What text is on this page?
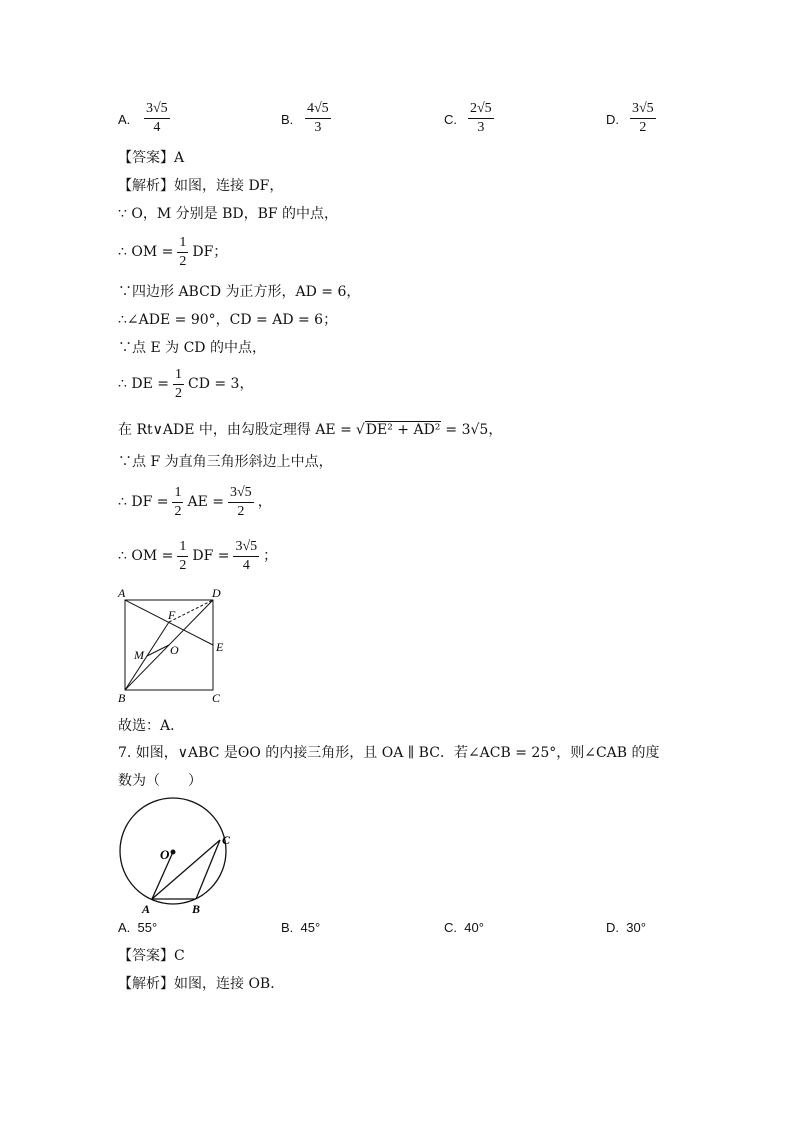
A. $\frac{3√5}{4}$	B. $\frac{4√5}{3}$	C. $\frac{2√5}{3}$	D. $\frac{3√5}{2}$
【答案】A
【解析】如图，连接 DF，
∵ O，M 分别是 BD，BF 的中点，
∴ OM = $\frac{1}{2}$ DF；
∵四边形 ABCD 为正方形，AD = 6，
∴∠ADE = 90°，CD = AD = 6；
∵点 E 为 CD 的中点，
∴ DE = $\frac{1}{2}$ CD = 3，
在 Rt∨ADE 中，由勾股定理得 AE = √DE² + AD² = 3√5，
∵点 F 为直角三角形斜边上中点，
∴ DF = $\frac{1}{2}$ AE = $\frac{3√5}{2}$ ，
∴ OM = $\frac{1}{2}$ DF = $\frac{3√5}{4}$ ；
A	D
B	C
E
F
M O
故选：A．
7. 如图，∨ABC 是ʘO 的内接三角形，且 OA ∥ BC．若∠ACB = 25°，则∠CAB 的度
数为（　　）
O
A	B
C
A. 55°	B. 45°	C. 40°	D. 30°
【答案】C
【解析】如图，连接 OB．
